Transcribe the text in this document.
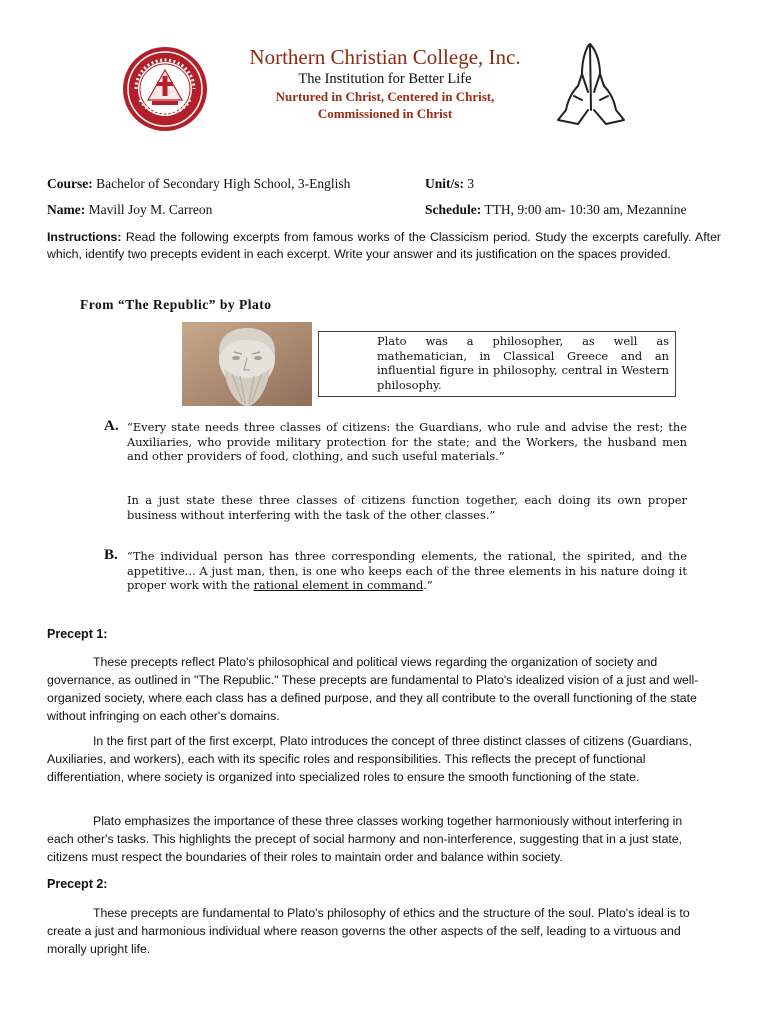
Northern Christian College, Inc.
The Institution for Better Life
Nurtured in Christ, Centered in Christ,
Commissioned in Christ
Course: Bachelor of Secondary High School, 3-English	Unit/s: 3
Name: Mavill Joy M. Carreon	Schedule: TTH, 9:00 am- 10:30 am, Mezannine
Instructions: Read the following excerpts from famous works of the Classicism period. Study the excerpts carefully. After which, identify two precepts evident in each excerpt. Write your answer and its justification on the spaces provided.
From “The Republic” by Plato
Plato was a philosopher, as well as mathematician, in Classical Greece and an influential figure in philosophy, central in Western philosophy.
A. “Every state needs three classes of citizens: the Guardians, who rule and advise the rest; the Auxiliaries, who provide military protection for the state; and the Workers, the husband men and other providers of food, clothing, and such useful materials.”
In a just state these three classes of citizens function together, each doing its own proper business without interfering with the task of the other classes.”
B. “The individual person has three corresponding elements, the rational, the spirited, and the appetitive... A just man, then, is one who keeps each of the three elements in his nature doing it proper work with the rational element in command.”
Precept 1:
These precepts reflect Plato's philosophical and political views regarding the organization of society and governance, as outlined in "The Republic." These precepts are fundamental to Plato's idealized vision of a just and well-organized society, where each class has a defined purpose, and they all contribute to the overall functioning of the state without infringing on each other's domains.
In the first part of the first excerpt, Plato introduces the concept of three distinct classes of citizens (Guardians, Auxiliaries, and workers), each with its specific roles and responsibilities. This reflects the precept of functional differentiation, where society is organized into specialized roles to ensure the smooth functioning of the state.
Plato emphasizes the importance of these three classes working together harmoniously without interfering in each other's tasks. This highlights the precept of social harmony and non-interference, suggesting that in a just state, citizens must respect the boundaries of their roles to maintain order and balance within society.
Precept 2:
These precepts are fundamental to Plato's philosophy of ethics and the structure of the soul. Plato's ideal is to create a just and harmonious individual where reason governs the other aspects of the self, leading to a virtuous and morally upright life.
